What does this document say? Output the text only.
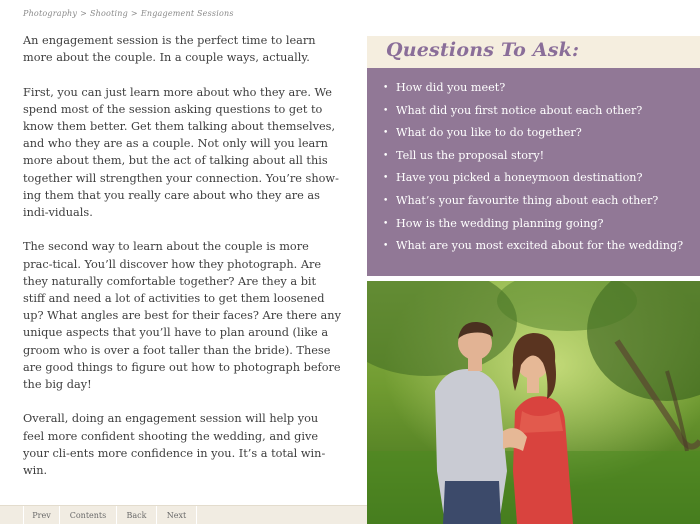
Photography > Shooting > Engagement Sessions

An engagement session is the perfect time to learn more about the couple. In a couple ways, actually.

First, you can just learn more about who they are. We spend most of the session asking questions to get to know them better. Get them talking about themselves, and who they are as a couple. Not only will you learn more about them, but the act of talking about all this together will strengthen your connection. You’re show-ing them that you really care about who they are as indi-viduals.

The second way to learn about the couple is more prac-tical. You’ll discover how they photograph. Are they naturally comfortable together? Are they a bit stiff and need a lot of activities to get them loosened up? What angles are best for their faces? Are there any unique aspects that you’ll have to plan around (like a groom who is over a foot taller than the bride). These are good things to figure out how to photograph before the big day!

Overall, doing an engagement session will help you feel more confident shooting the wedding, and give your cli-ents more confidence in you. It’s a total win-win.

Questions To Ask:
• How did you meet?
• What did you first notice about each other?
• What do you like to do together?
• Tell us the proposal story!
• Have you picked a honeymoon destination?
• What’s your favourite thing about each other?
• How is the wedding planning going?
• What are you most excited about for the wedding?
Prev	Contents	Back	Next
